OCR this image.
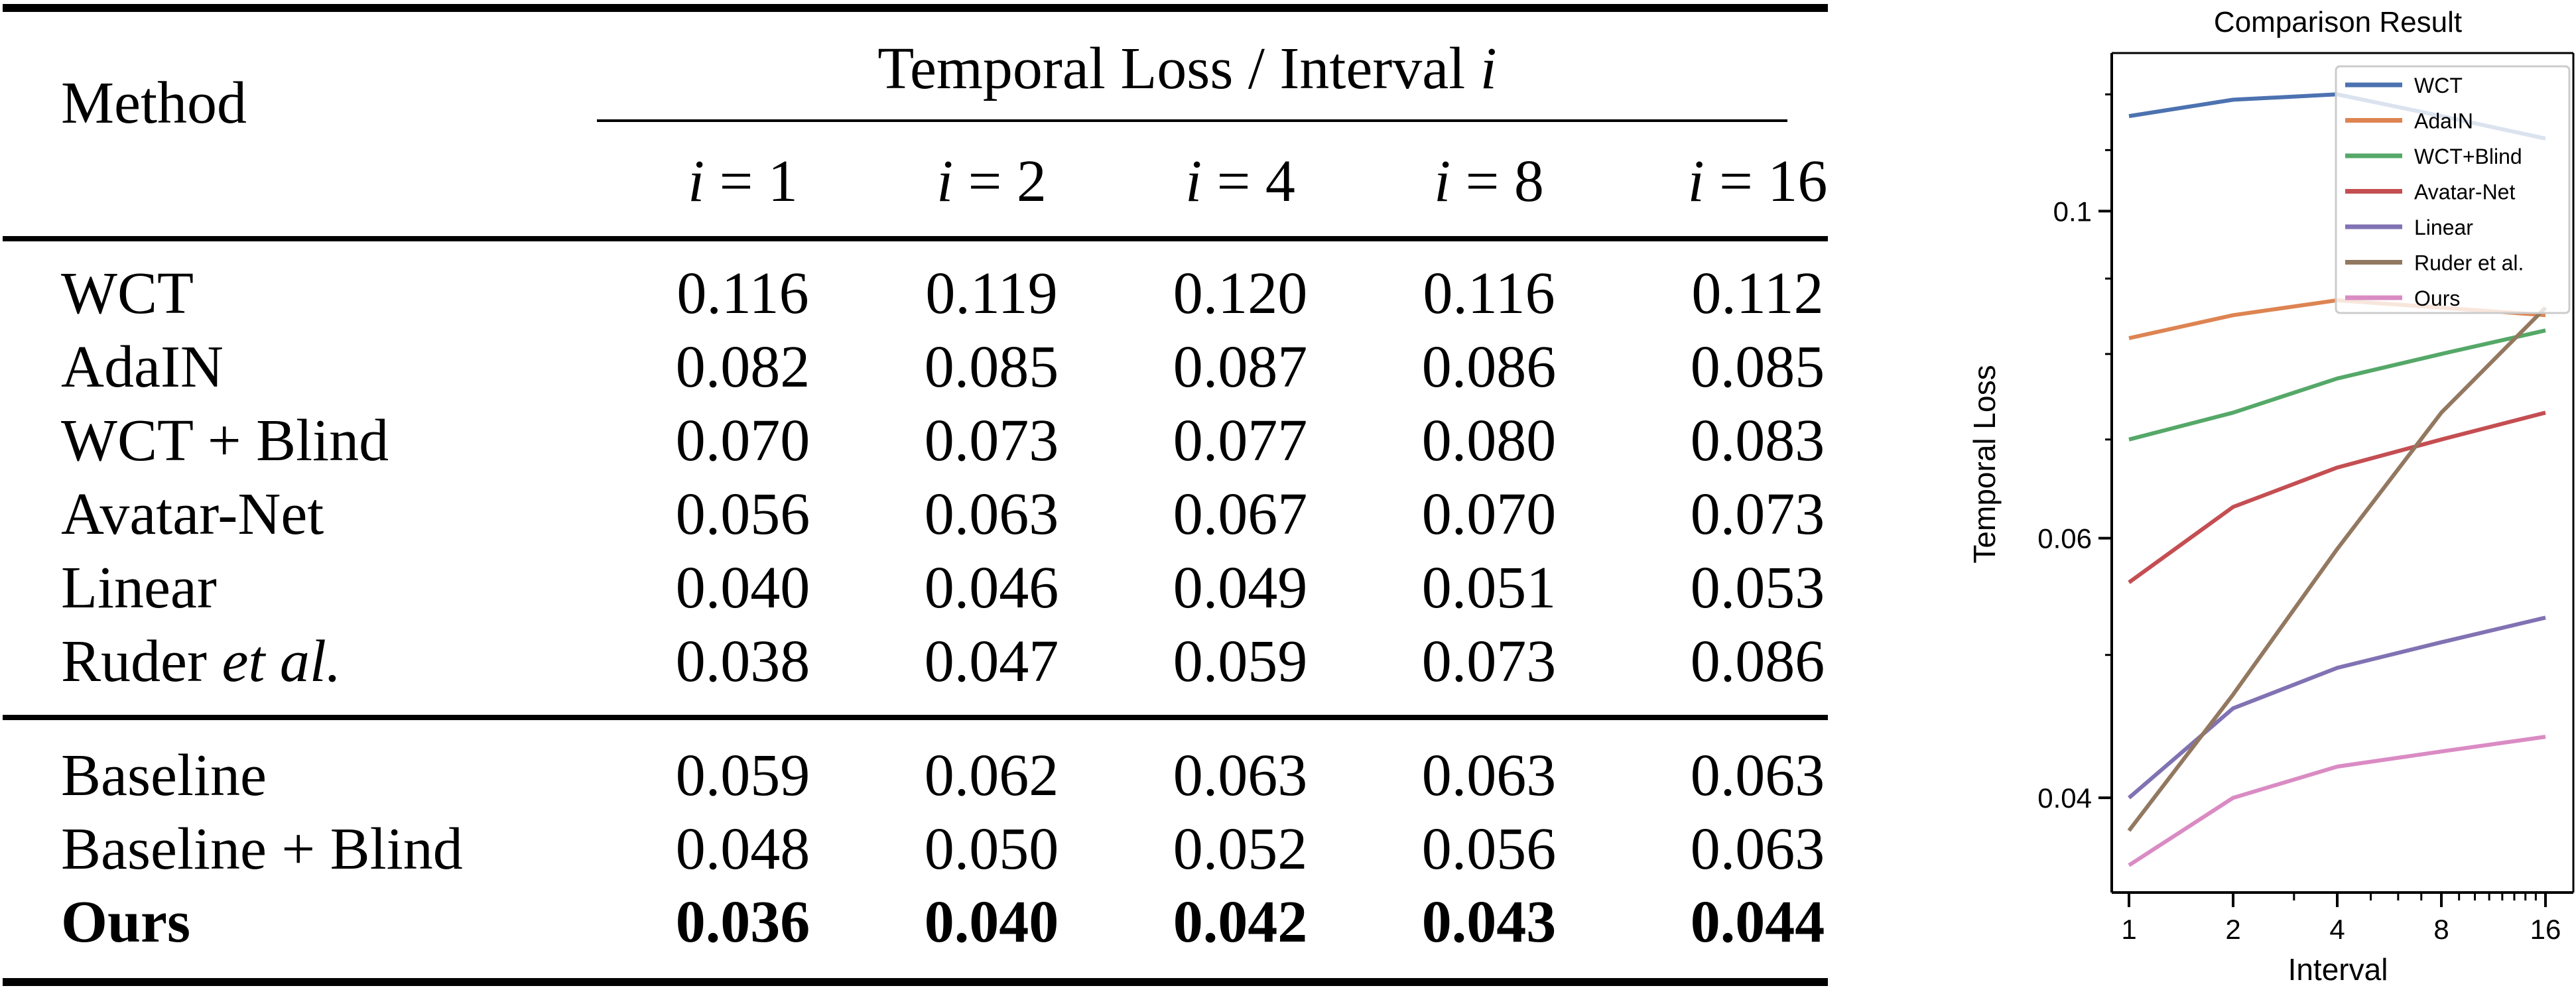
Method
Temporal Loss / Interval i
i = 1	i = 2	i = 4	i = 8	i = 16
WCT	0.116	0.119	0.120	0.116	0.112
AdaIN	0.082	0.085	0.087	0.086	0.085
WCT + Blind	0.070	0.073	0.077	0.080	0.083
Avatar-Net	0.056	0.063	0.067	0.070	0.073
Linear	0.040	0.046	0.049	0.051	0.053
Ruder et al.	0.038	0.047	0.059	0.073	0.086
Baseline	0.059	0.062	0.063	0.063	0.063
Baseline + Blind	0.048	0.050	0.052	0.056	0.063
Ours	0.036	0.040	0.042	0.043	0.044
Comparison Result
Temporal Loss
Interval
0.1
0.06
0.04
1	2	4	8	16
WCT
AdaIN
WCT+Blind
Avatar-Net
Linear
Ruder et al.
Ours
